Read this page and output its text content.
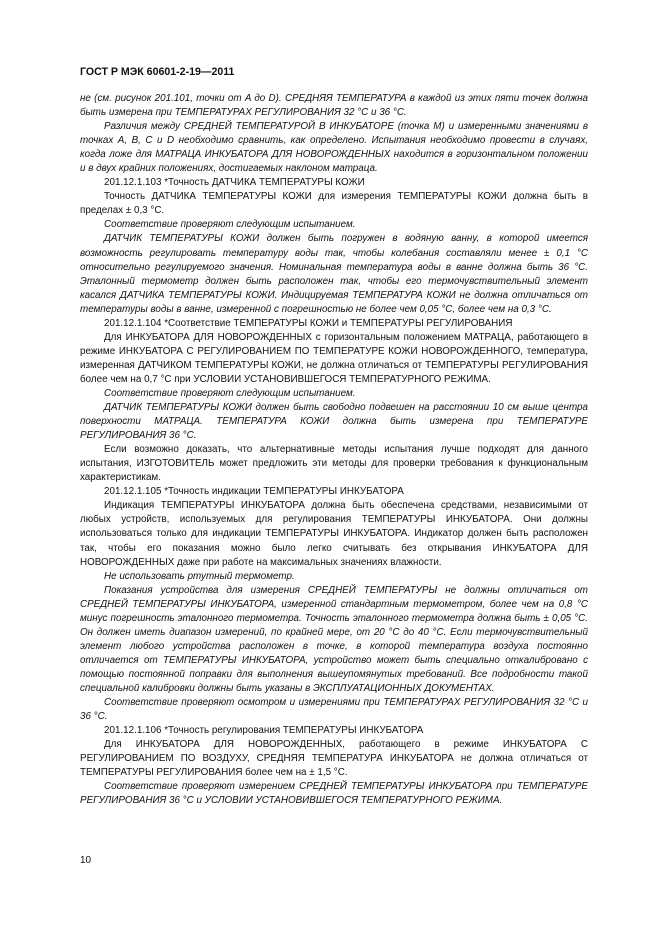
ГОСТ Р МЭК 60601-2-19—2011

не (см. рисунок 201.101, точки от A до D). СРЕДНЯЯ ТЕМПЕРАТУРА в каждой из этих пяти точек должна быть измерена при ТЕМПЕРАТУРАХ РЕГУЛИРОВАНИЯ 32 °C и 36 °C.

Различия между СРЕДНЕЙ ТЕМПЕРАТУРОЙ В ИНКУБАТОРЕ (точка M) и измеренными значениями в точках A, B, C и D необходимо сравнить, как определено. Испытания необходимо провести в случаях, когда ложе для МАТРАЦА ИНКУБАТОРА ДЛЯ НОВОРОЖДЕННЫХ находится в горизонтальном положении и в двух крайних положениях, достигаемых наклоном матраца.

201.12.1.103 *Точность ДАТЧИКА ТЕМПЕРАТУРЫ КОЖИ

Точность ДАТЧИКА ТЕМПЕРАТУРЫ КОЖИ для измерения ТЕМПЕРАТУРЫ КОЖИ должна быть в пределах ± 0,3 °C.

Соответствие проверяют следующим испытанием.

ДАТЧИК ТЕМПЕРАТУРЫ КОЖИ должен быть погружен в водяную ванну, в которой имеется возможность регулировать температуру воды так, чтобы колебания составляли менее ± 0,1 °C относительно регулируемого значения. Номинальная температура воды в ванне должна быть 36 °C. Эталонный термометр должен быть расположен так, чтобы его термочувствительный элемент касался ДАТЧИКА ТЕМПЕРАТУРЫ КОЖИ. Индицируемая ТЕМПЕРАТУРА КОЖИ не должна отличаться от температуры воды в ванне, измеренной с погрешностью не более чем 0,05 °C, более чем на 0,3 °C.

201.12.1.104 *Соответствие ТЕМПЕРАТУРЫ КОЖИ и ТЕМПЕРАТУРЫ РЕГУЛИРОВАНИЯ

Для ИНКУБАТОРА ДЛЯ НОВОРОЖДЕННЫХ с горизонтальным положением МАТРАЦА, работающего в режиме ИНКУБАТОРА С РЕГУЛИРОВАНИЕМ ПО ТЕМПЕРАТУРЕ КОЖИ НОВОРОЖДЕННОГО, температура, измеренная ДАТЧИКОМ ТЕМПЕРАТУРЫ КОЖИ, не должна отличаться от ТЕМПЕРАТУРЫ РЕГУЛИРОВАНИЯ более чем на 0,7 °C при УСЛОВИИ УСТАНОВИВШЕГОСЯ ТЕМПЕРАТУРНОГО РЕЖИМА.

Соответствие проверяют следующим испытанием.

ДАТЧИК ТЕМПЕРАТУРЫ КОЖИ должен быть свободно подвешен на расстоянии 10 см выше центра поверхности МАТРАЦА. ТЕМПЕРАТУРА КОЖИ должна быть измерена при ТЕМПЕРАТУРЕ РЕГУЛИРОВАНИЯ 36 °C.

Если возможно доказать, что альтернативные методы испытания лучше подходят для данного испытания, ИЗГОТОВИТЕЛЬ может предложить эти методы для проверки требования к функциональным характеристикам.

201.12.1.105 *Точность индикации ТЕМПЕРАТУРЫ ИНКУБАТОРА

Индикация ТЕМПЕРАТУРЫ ИНКУБАТОРА должна быть обеспечена средствами, независимыми от любых устройств, используемых для регулирования ТЕМПЕРАТУРЫ ИНКУБАТОРА. Они должны использоваться только для индикации ТЕМПЕРАТУРЫ ИНКУБАТОРА. Индикатор должен быть расположен так, чтобы его показания можно было легко считывать без открывания ИНКУБАТОРА ДЛЯ НОВОРОЖДЕННЫХ даже при работе на максимальных значениях влажности.

Не использовать ртутный термометр.

Показания устройства для измерения СРЕДНЕЙ ТЕМПЕРАТУРЫ не должны отличаться от СРЕДНЕЙ ТЕМПЕРАТУРЫ ИНКУБАТОРА, измеренной стандартным термометром, более чем на 0,8 °C минус погрешность эталонного термометра. Точность эталонного термометра должна быть ± 0,05 °C. Он должен иметь диапазон измерений, по крайней мере, от 20 °C до 40 °C. Если термочувствительный элемент любого устройства расположен в точке, в которой температура воздуха постоянно отличается от ТЕМПЕРАТУРЫ ИНКУБАТОРА, устройство может быть специально откалибровано с помощью постоянной поправки для выполнения вышеупомянутых требований. Все подробности такой специальной калибровки должны быть указаны в ЭКСПЛУАТАЦИОННЫХ ДОКУМЕНТАХ.

Соответствие проверяют осмотром и измерениями при ТЕМПЕРАТУРАХ РЕГУЛИРОВАНИЯ 32 °C и 36 °C.

201.12.1.106 *Точность регулирования ТЕМПЕРАТУРЫ ИНКУБАТОРА

Для ИНКУБАТОРА ДЛЯ НОВОРОЖДЕННЫХ, работающего в режиме ИНКУБАТОРА С РЕГУЛИРОВАНИЕМ ПО ВОЗДУХУ, СРЕДНЯЯ ТЕМПЕРАТУРА ИНКУБАТОРА не должна отличаться от ТЕМПЕРАТУРЫ РЕГУЛИРОВАНИЯ более чем на ± 1,5 °C.

Соответствие проверяют измерением СРЕДНЕЙ ТЕМПЕРАТУРЫ ИНКУБАТОРА при ТЕМПЕРАТУРЕ РЕГУЛИРОВАНИЯ 36 °C и УСЛОВИИ УСТАНОВИВШЕГОСЯ ТЕМПЕРАТУРНОГО РЕЖИМА.

10
